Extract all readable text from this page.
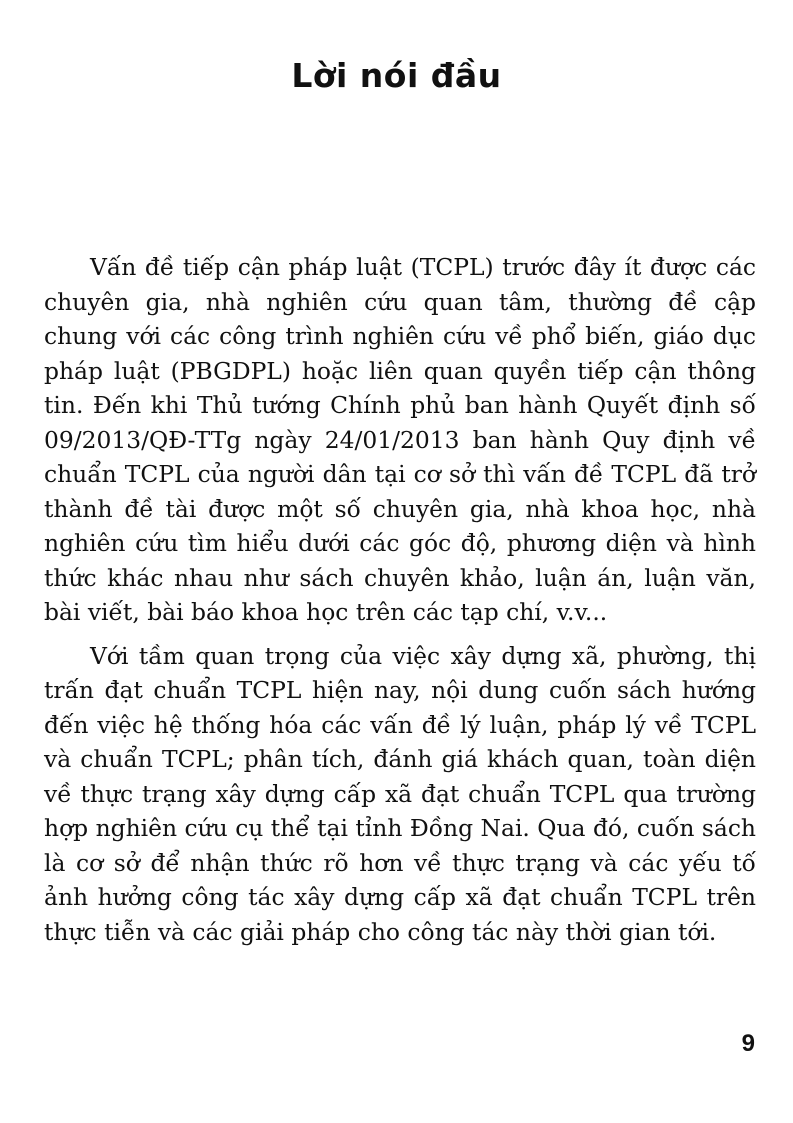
Lời nói đầu

Vấn đề tiếp cận pháp luật (TCPL) trước đây ít được các chuyên gia, nhà nghiên cứu quan tâm, thường đề cập chung với các công trình nghiên cứu về phổ biến, giáo dục pháp luật (PBGDPL) hoặc liên quan quyền tiếp cận thông tin. Đến khi Thủ tướng Chính phủ ban hành Quyết định số 09/2013/QĐ-TTg ngày 24/01/2013 ban hành Quy định về chuẩn TCPL của người dân tại cơ sở thì vấn đề TCPL đã trở thành đề tài được một số chuyên gia, nhà khoa học, nhà nghiên cứu tìm hiểu dưới các góc độ, phương diện và hình thức khác nhau như sách chuyên khảo, luận án, luận văn, bài viết, bài báo khoa học trên các tạp chí, v.v...

Với tầm quan trọng của việc xây dựng xã, phường, thị trấn đạt chuẩn TCPL hiện nay, nội dung cuốn sách hướng đến việc hệ thống hóa các vấn đề lý luận, pháp lý về TCPL và chuẩn TCPL; phân tích, đánh giá khách quan, toàn diện về thực trạng xây dựng cấp xã đạt chuẩn TCPL qua trường hợp nghiên cứu cụ thể tại tỉnh Đồng Nai. Qua đó, cuốn sách là cơ sở để nhận thức rõ hơn về thực trạng và các yếu tố ảnh hưởng công tác xây dựng cấp xã đạt chuẩn TCPL trên thực tiễn và các giải pháp cho công tác này thời gian tới.

9
